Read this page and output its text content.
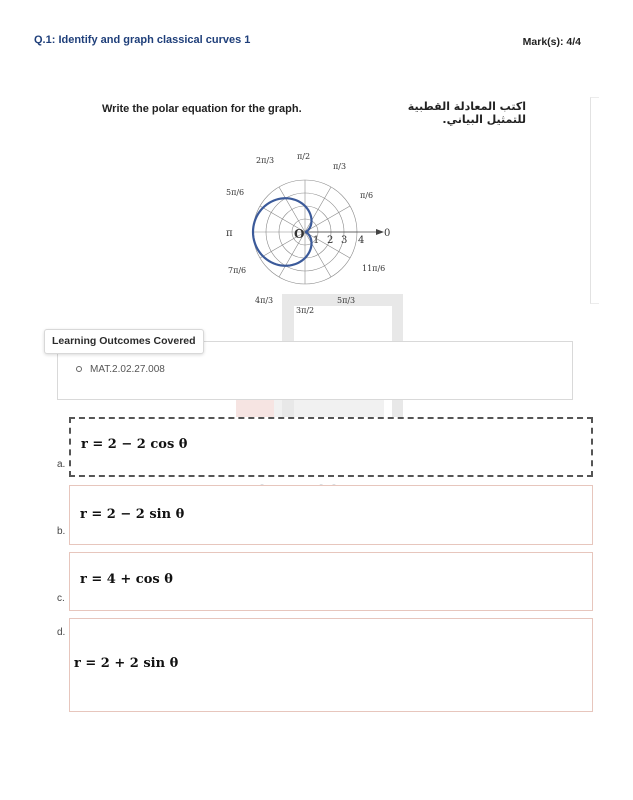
Q.1: Identify and graph classical curves 1	Mark(s): 4/4
Write the polar equation for the graph.	اكتب المعادلة القطبية للتمثيل البياني.
O 1 2 3 4
0
π/6
π/3
π/2
2π/3
5π/6
π
7π/6
4π/3
3π/2
5π/3
11π/6
Learning Outcomes Covered
MAT.2.02.27.008
r = 2 − 2 cos θ
a.
r = 2 − 2 sin θ
b.
r = 4 + cos θ
c.
r = 2 + 2 sin θ
d.
